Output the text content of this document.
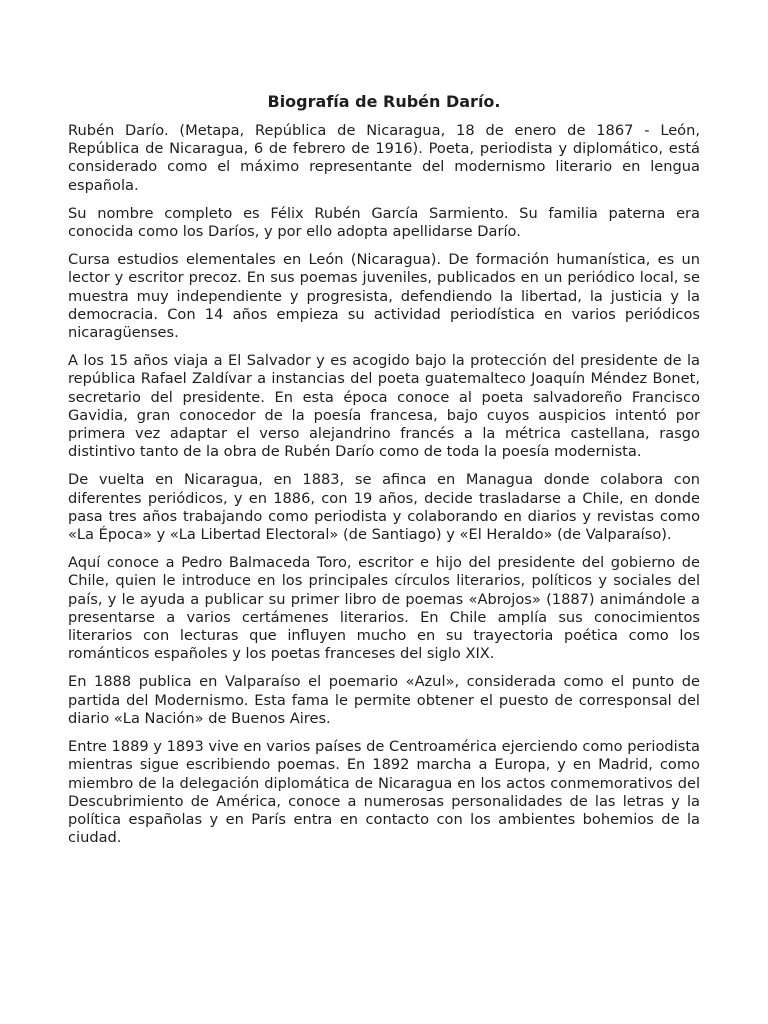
Biografía de Rubén Darío.

Rubén Darío. (Metapa, República de Nicaragua, 18 de enero de 1867 - León, República de Nicaragua, 6 de febrero de 1916). Poeta, periodista y diplomático, está considerado como el máximo representante del modernismo literario en lengua española.

Su nombre completo es Félix Rubén García Sarmiento. Su familia paterna era conocida como los Daríos, y por ello adopta apellidarse Darío.

Cursa estudios elementales en León (Nicaragua). De formación humanística, es un lector y escritor precoz. En sus poemas juveniles, publicados en un periódico local, se muestra muy independiente y progresista, defendiendo la libertad, la justicia y la democracia. Con 14 años empieza su actividad periodística en varios periódicos nicaragüenses.

A los 15 años viaja a El Salvador y es acogido bajo la protección del presidente de la república Rafael Zaldívar a instancias del poeta guatemalteco Joaquín Méndez Bonet, secretario del presidente. En esta época conoce al poeta salvadoreño Francisco Gavidia, gran conocedor de la poesía francesa, bajo cuyos auspicios intentó por primera vez adaptar el verso alejandrino francés a la métrica castellana, rasgo distintivo tanto de la obra de Rubén Darío como de toda la poesía modernista.

De vuelta en Nicaragua, en 1883, se afinca en Managua donde colabora con diferentes periódicos, y en 1886, con 19 años, decide trasladarse a Chile, en donde pasa tres años trabajando como periodista y colaborando en diarios y revistas como «La Época» y «La Libertad Electoral» (de Santiago) y «El Heraldo» (de Valparaíso).

Aquí conoce a Pedro Balmaceda Toro, escritor e hijo del presidente del gobierno de Chile, quien le introduce en los principales círculos literarios, políticos y sociales del país, y le ayuda a publicar su primer libro de poemas «Abrojos» (1887) animándole a presentarse a varios certámenes literarios. En Chile amplía sus conocimientos literarios con lecturas que influyen mucho en su trayectoria poética como los románticos españoles y los poetas franceses del siglo XIX.

En 1888 publica en Valparaíso el poemario «Azul», considerada como el punto de partida del Modernismo. Esta fama le permite obtener el puesto de corresponsal del diario «La Nación» de Buenos Aires.

Entre 1889 y 1893 vive en varios países de Centroamérica ejerciendo como periodista mientras sigue escribiendo poemas. En 1892 marcha a Europa, y en Madrid, como miembro de la delegación diplomática de Nicaragua en los actos conmemorativos del Descubrimiento de América, conoce a numerosas personalidades de las letras y la política españolas y en París entra en contacto con los ambientes bohemios de la ciudad.
